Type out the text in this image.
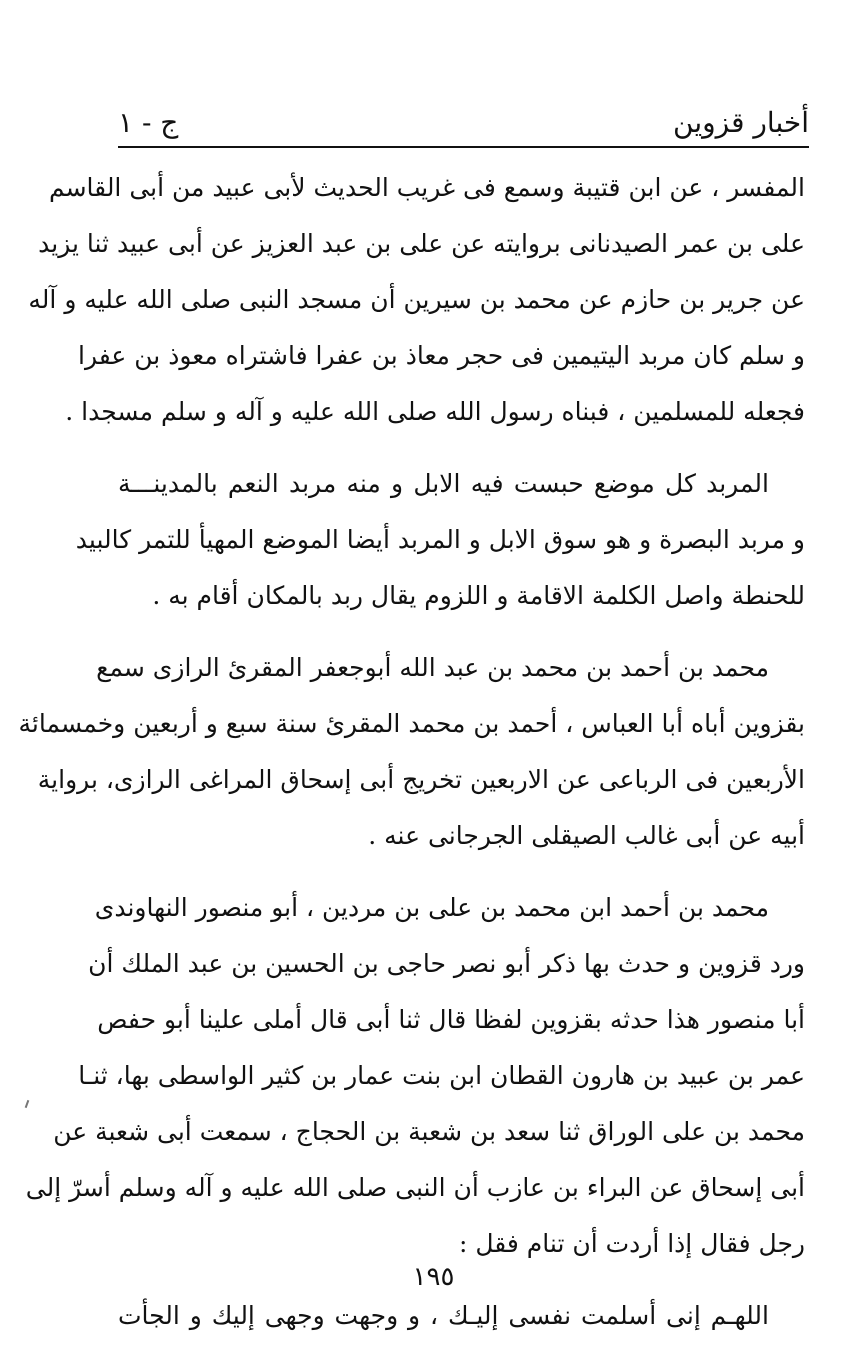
أخبار قزوين
ج - ١

المفسر ، عن ابن قتيبة وسمع فى غريب الحديث لأبى عبيد من أبى القاسم
على بن عمر الصيدنانى بروايته عن على بن عبد العزيز عن أبى عبيد ثنا يزيد
عن جرير بن حازم عن محمد بن سيرين أن مسجد النبى صلى الله عليه و آله
و سلم كان مربد اليتيمين فى حجر معاذ بن عفرا فاشتراه معوذ بن عفرا
فجعله للمسلمين ، فبناه رسول الله صلى الله عليه و آله و سلم مسجدا .

المربد كل موضع حبست فيه الابل و منه مربد النعم بالمدينـــة
و مربد البصرة و هو سوق الابل و المربد أيضا الموضع المهيأ للتمر كالبيد
للحنطة واصل الكلمة الاقامة و اللزوم يقال ربد بالمكان أقام به .

محمد بن أحمد بن محمد بن عبد الله أبوجعفر المقرئ الرازى سمع
بقزوين أباه أبا العباس ، أحمد بن محمد المقرئ سنة سبع و أربعين وخمسمائة
الأربعين فى الرباعى عن الاربعين تخريج أبى إسحاق المراغى الرازى، برواية
أبيه عن أبى غالب الصيقلى الجرجانى عنه .

محمد بن أحمد ابن محمد بن على بن مردين ، أبو منصور النهاوندى
ورد قزوين و حدث بها ذكر أبو نصر حاجى بن الحسين بن عبد الملك أن
أبا منصور هذا حدثه بقزوين لفظا قال ثنا أبى قال أملى علينا أبو حفص
عمر بن عبيد بن هارون القطان ابن بنت عمار بن كثير الواسطى بها، ثنـا
محمد بن على الوراق ثنا سعد بن شعبة بن الحجاج ، سمعت أبى شعبة عن
أبى إسحاق عن البراء بن عازب أن النبى صلى الله عليه و آله وسلم أسرّ إلى
رجل فقال إذا أردت أن تنام فقل :

اللهـم إنى أسلمت نفسى إليـك ، و وجهت وجهى إليك و الجأت

١٩٥
